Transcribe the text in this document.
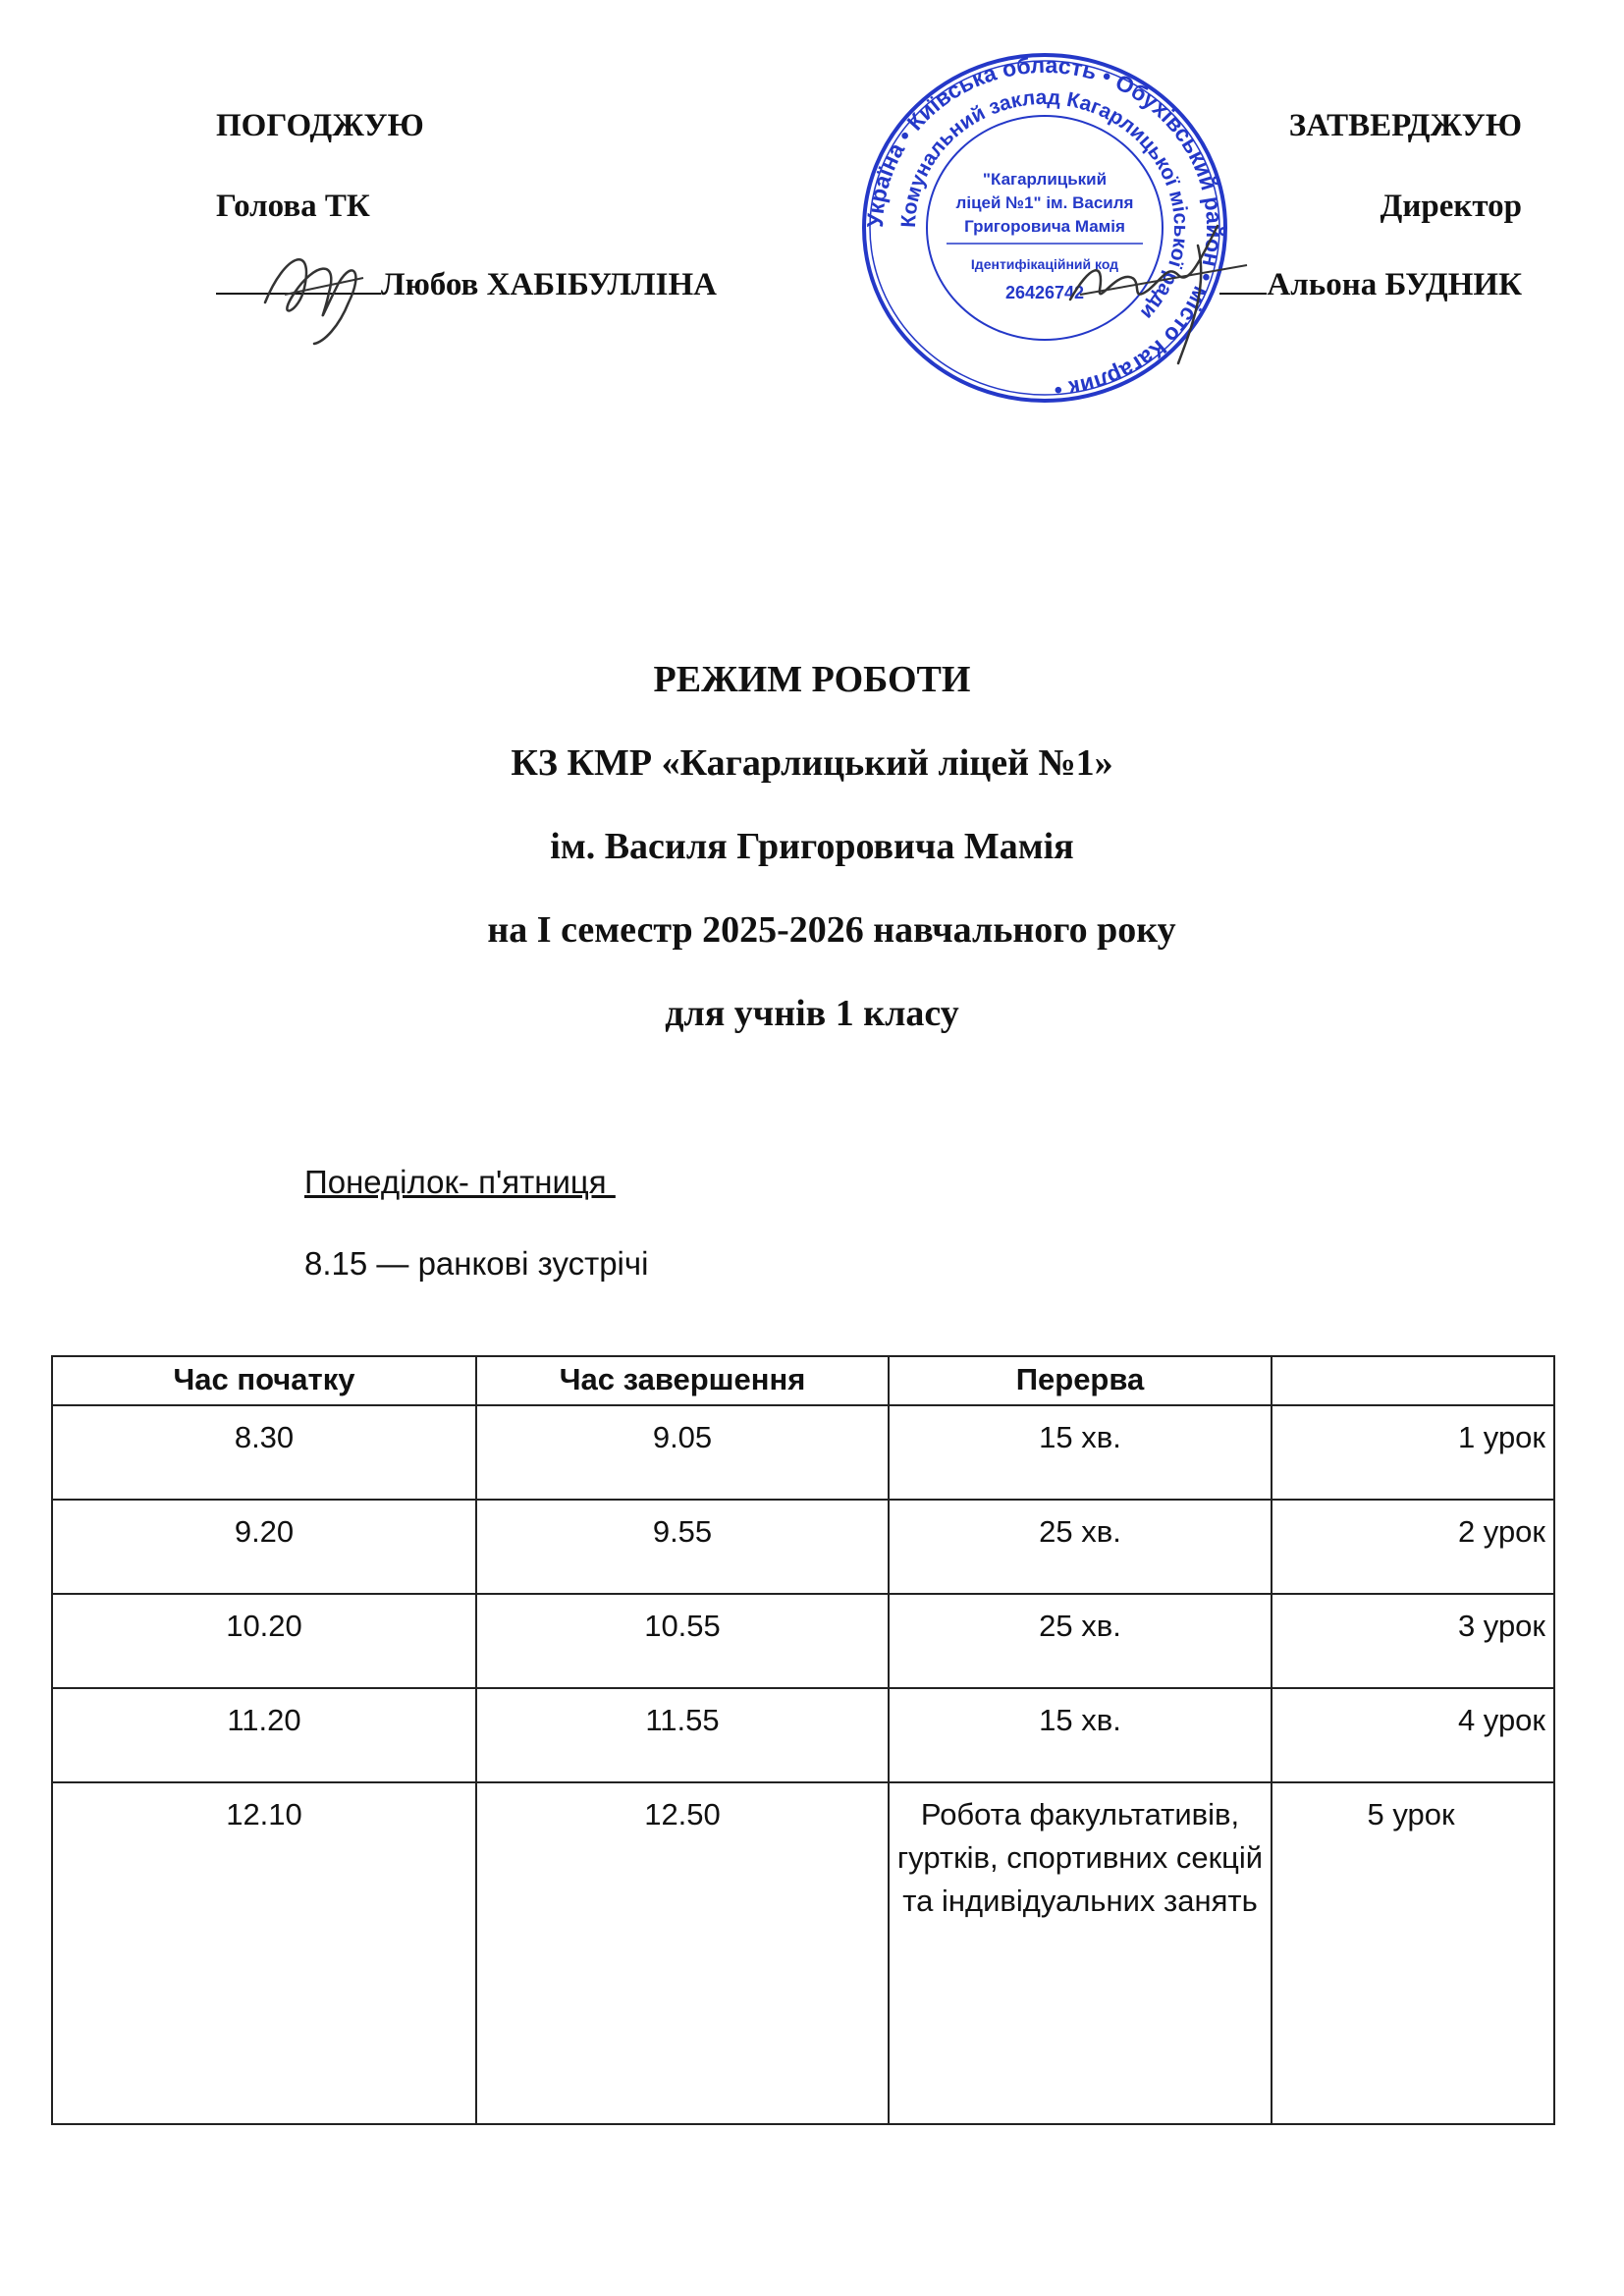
ПОГОДЖУЮ
Голова ТК
Любов ХАБІБУЛЛІНА
ЗАТВЕРДЖУЮ
Директор
Альона БУДНИК
Україна • Київська область • Обухівський район • місто Кагарлик •
Комунальний заклад Кагарлицької міської ради
"Кагарлицький
ліцей №1" ім. Василя
Григоровича Мамія
Ідентифікаційний код
26426742
РЕЖИМ РОБОТИ
КЗ КМР «Кагарлицький ліцей №1»
ім. Василя Григоровича Мамія
на І семестр 2025-2026 навчального року
для учнів 1 класу
Понеділок- п'ятниця
8.15 — ранкові зустрічі
Час початку	Час завершення	Перерва	
8.30	9.05	15 хв.	1 урок
9.20	9.55	25 хв.	2 урок
10.20	10.55	25 хв.	3 урок
11.20	11.55	15 хв.	4 урок
12.10	12.50	Робота факультативів, гуртків, спортивних секцій та індивідуальних занять	5 урок
